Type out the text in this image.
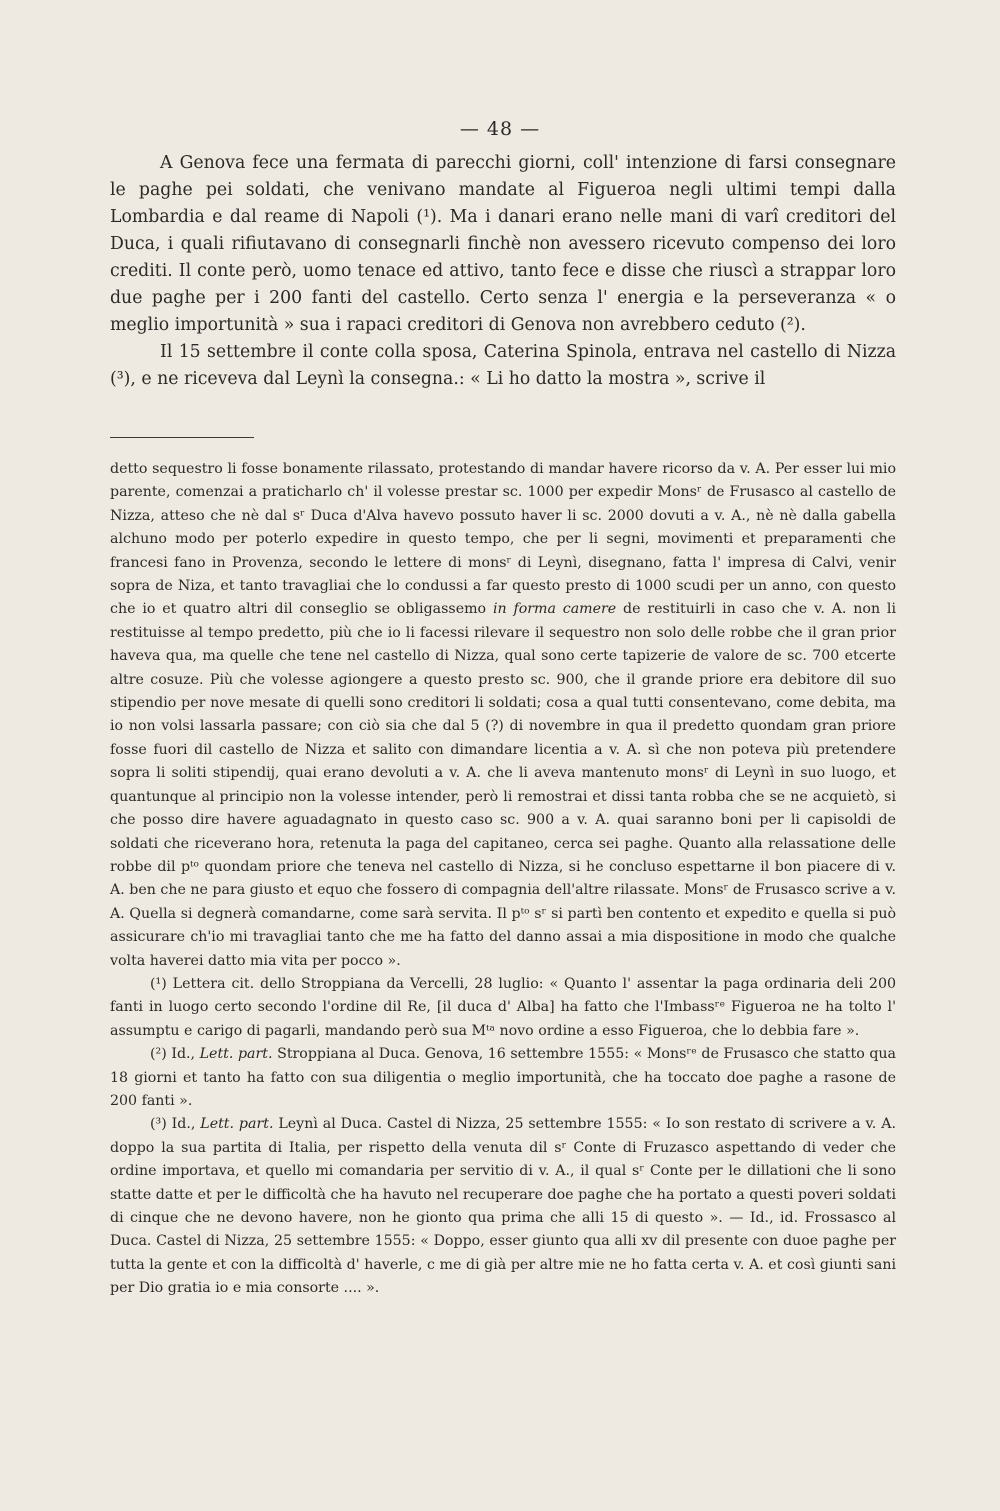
— 48 —

A Genova fece una fermata di parecchi giorni, coll' intenzione di farsi consegnare le paghe pei soldati, che venivano mandate al Figueroa negli ultimi tempi dalla Lombardia e dal reame di Napoli (¹). Ma i danari erano nelle mani di varî creditori del Duca, i quali rifiutavano di consegnarli finchè non avessero ricevuto compenso dei loro crediti. Il conte però, uomo tenace ed attivo, tanto fece e disse che riuscì a strappar loro due paghe per i 200 fanti del castello. Certo senza l' energia e la perseveranza « o meglio importunità » sua i rapaci creditori di Genova non avrebbero ceduto (²).

Il 15 settembre il conte colla sposa, Caterina Spinola, entrava nel castello di Nizza (³), e ne riceveva dal Leynì la consegna.: « Li ho datto la mostra », scrive il

detto sequestro li fosse bonamente rilassato, protestando di mandar havere ricorso da v. A. Per esser lui mio parente, comenzai a praticharlo ch' il volesse prestar sc. 1000 per expedir Monsʳ de Frusasco al castello de Nizza, atteso che nè dal sʳ Duca d'Alva havevo possuto haver li sc. 2000 dovuti a v. A., nè nè dalla gabella alchuno modo per poterlo expedire in questo tempo, che per li segni, movimenti et preparamenti che francesi fano in Provenza, secondo le lettere di monsʳ di Leynì, disegnano, fatta l' impresa di Calvi, venir sopra de Niza, et tanto travagliai che lo condussi a far questo presto di 1000 scudi per un anno, con questo che io et quatro altri dil conseglio se obligassemo in forma camere de restituirli in caso che v. A. non li restituisse al tempo predetto, più che io li facessi rilevare il sequestro non solo delle robbe che il gran prior haveva qua, ma quelle che tene nel castello di Nizza, qual sono certe tapizerie de valore de sc. 700 etcerte altre cosuze. Più che volesse agiongere a questo presto sc. 900, che il grande priore era debitore dil suo stipendio per nove mesate di quelli sono creditori li soldati; cosa a qual tutti consentevano, come debita, ma io non volsi lassarla passare; con ciò sia che dal 5 (?) di novembre in qua il predetto quondam gran priore fosse fuori dil castello de Nizza et salito con dimandare licentia a v. A. sì che non poteva più pretendere sopra li soliti stipendij, quai erano devoluti a v. A. che li aveva mantenuto monsʳ di Leynì in suo luogo, et quantunque al principio non la volesse intender, però li remostrai et dissi tanta robba che se ne acquietò, si che posso dire havere aguadagnato in questo caso sc. 900 a v. A. quai saranno boni per li capisoldi de soldati che riceverano hora, retenuta la paga del capitaneo, cerca sei paghe. Quanto alla relassatione delle robbe dil pᵗᵒ quondam priore che teneva nel castello di Nizza, si he concluso espettarne il bon piacere di v. A. ben che ne para giusto et equo che fossero di compagnia dell'altre rilassate. Monsʳ de Frusasco scrive a v. A. Quella si degnerà comandarne, come sarà servita. Il pᵗᵒ sʳ si partì ben contento et expedito e quella si può assicurare ch'io mi travagliai tanto che me ha fatto del danno assai a mia dispositione in modo che qualche volta haverei datto mia vita per pocco ».

(¹) Lettera cit. dello Stroppiana da Vercelli, 28 luglio: « Quanto l' assentar la paga ordinaria deli 200 fanti in luogo certo secondo l'ordine dil Re, [il duca d' Alba] ha fatto che l'Imbassʳᵉ Figueroa ne ha tolto l' assumptu e carigo di pagarli, mandando però sua Mᵗᵃ novo ordine a esso Figueroa, che lo debbia fare ».

(²) Id., Lett. part. Stroppiana al Duca. Genova, 16 settembre 1555: « Monsʳᵉ de Frusasco che statto qua 18 giorni et tanto ha fatto con sua diligentia o meglio importunità, che ha toccato doe paghe a rasone de 200 fanti ».

(³) Id., Lett. part. Leynì al Duca. Castel di Nizza, 25 settembre 1555: « Io son restato di scrivere a v. A. doppo la sua partita di Italia, per rispetto della venuta dil sʳ Conte di Fruzasco aspettando di veder che ordine importava, et quello mi comandaria per servitio di v. A., il qual sʳ Conte per le dillationi che li sono statte datte et per le difficoltà che ha havuto nel recuperare doe paghe che ha portato a questi poveri soldati di cinque che ne devono havere, non he gionto qua prima che alli 15 di questo ». — Id., id. Frossasco al Duca. Castel di Nizza, 25 settembre 1555: « Doppo, esser giunto qua alli xv dil presente con duoe paghe per tutta la gente et con la difficoltà d' haverle, c me di già per altre mie ne ho fatta certa v. A. et così giunti sani per Dio gratia io e mia consorte .... ».
